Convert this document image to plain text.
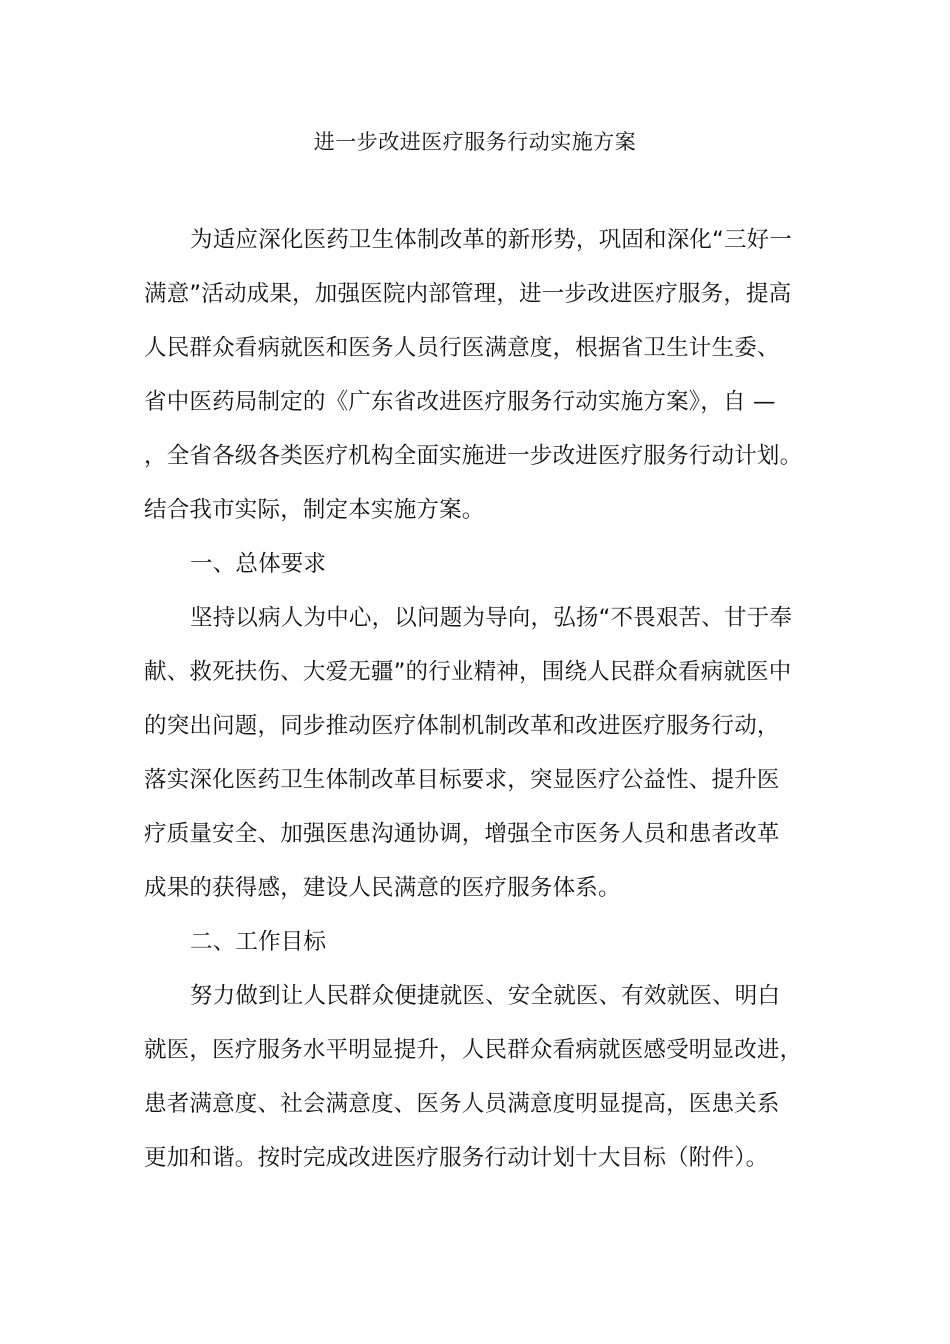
进一步改进医疗服务行动实施方案
为适应深化医药卫生体制改革的新形势，巩固和深化“三好一
满意”活动成果，加强医院内部管理，进一步改进医疗服务，提高
人民群众看病就医和医务人员行医满意度，根据省卫生计生委、
省中医药局制定的《广东省改进医疗服务行动实施方案》，自 —
，全省各级各类医疗机构全面实施进一步改进医疗服务行动计划。
结合我市实际，制定本实施方案。
一、总体要求
坚持以病人为中心，以问题为导向，弘扬“不畏艰苦、甘于奉
献、救死扶伤、大爱无疆”的行业精神，围绕人民群众看病就医中
的突出问题，同步推动医疗体制机制改革和改进医疗服务行动，
落实深化医药卫生体制改革目标要求，突显医疗公益性、提升医
疗质量安全、加强医患沟通协调，增强全市医务人员和患者改革
成果的获得感，建设人民满意的医疗服务体系。
二、工作目标
努力做到让人民群众便捷就医、安全就医、有效就医、明白
就医，医疗服务水平明显提升，人民群众看病就医感受明显改进，
患者满意度、社会满意度、医务人员满意度明显提高，医患关系
更加和谐。按时完成改进医疗服务行动计划十大目标（附件）。
